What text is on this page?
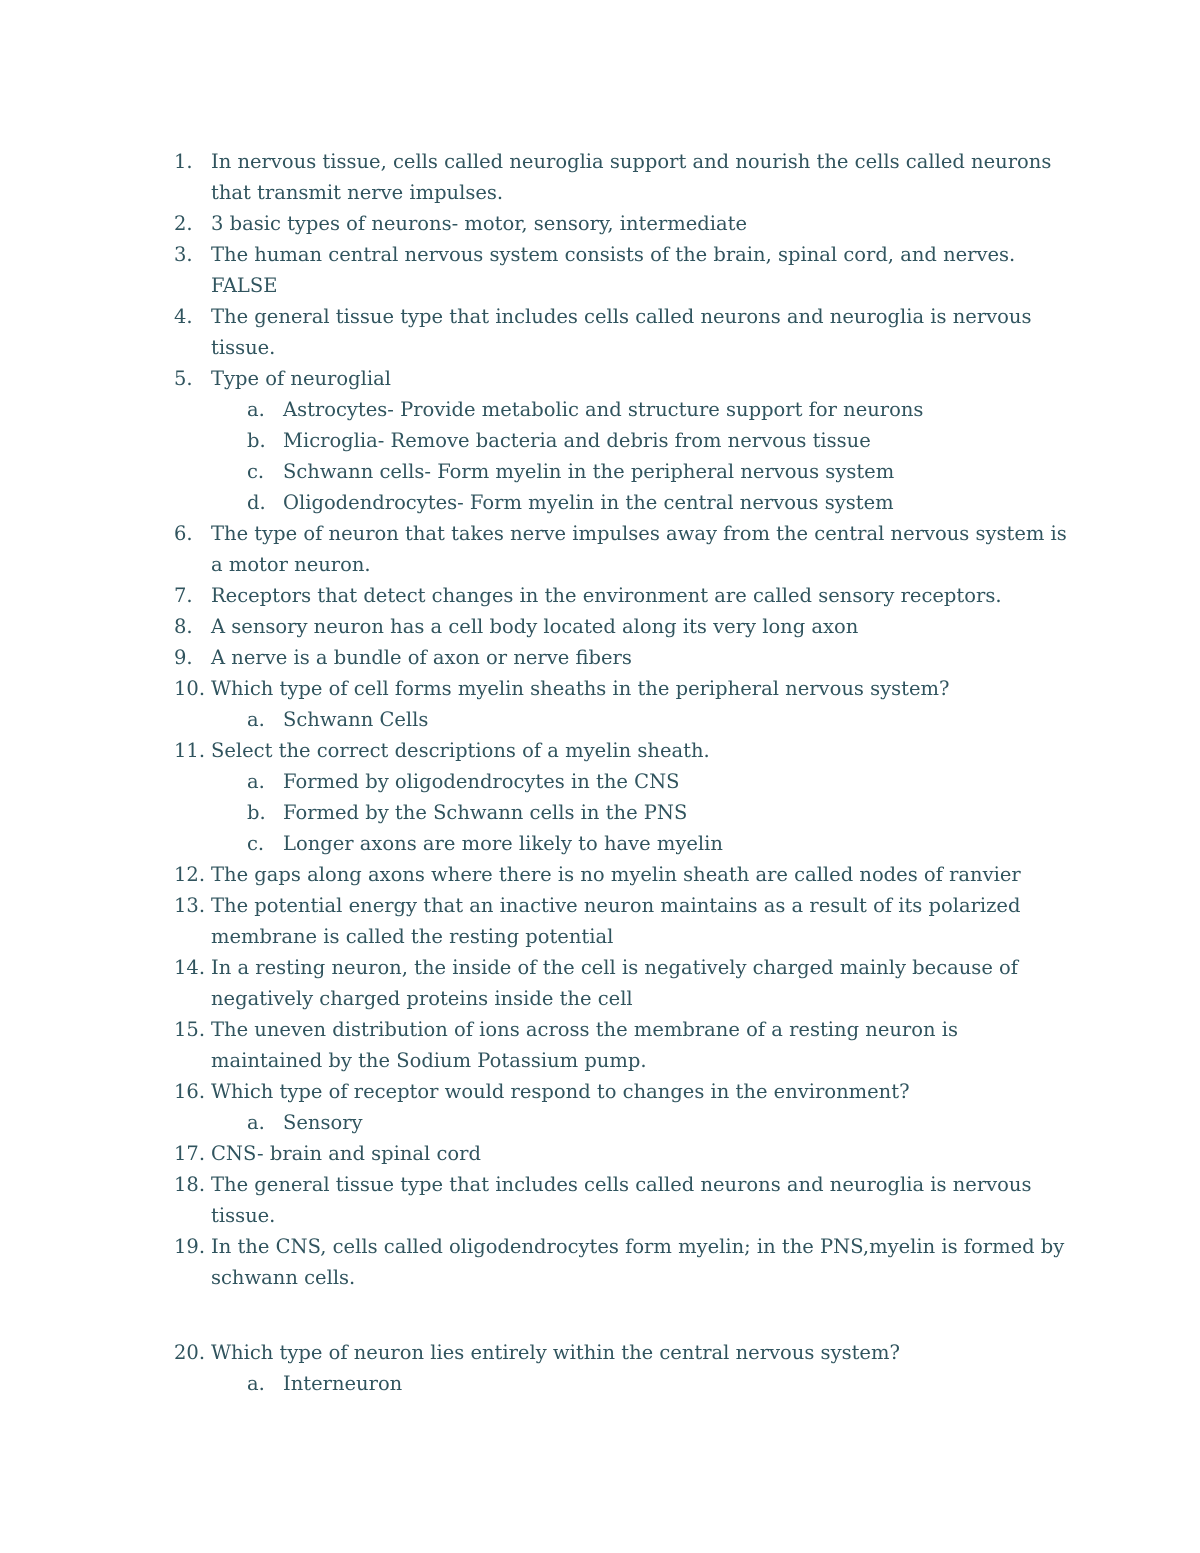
1. In nervous tissue, cells called neuroglia support and nourish the cells called neurons that transmit nerve impulses.
2. 3 basic types of neurons- motor, sensory, intermediate
3. The human central nervous system consists of the brain, spinal cord, and nerves. FALSE
4. The general tissue type that includes cells called neurons and neuroglia is nervous tissue.
5. Type of neuroglial
a. Astrocytes- Provide metabolic and structure support for neurons
b. Microglia- Remove bacteria and debris from nervous tissue
c. Schwann cells- Form myelin in the peripheral nervous system
d. Oligodendrocytes- Form myelin in the central nervous system
6. The type of neuron that takes nerve impulses away from the central nervous system is a motor neuron.
7. Receptors that detect changes in the environment are called sensory receptors.
8. A sensory neuron has a cell body located along its very long axon
9. A nerve is a bundle of axon or nerve fibers
10. Which type of cell forms myelin sheaths in the peripheral nervous system?
a. Schwann Cells
11. Select the correct descriptions of a myelin sheath.
a. Formed by oligodendrocytes in the CNS
b. Formed by the Schwann cells in the PNS
c. Longer axons are more likely to have myelin
12. The gaps along axons where there is no myelin sheath are called nodes of ranvier
13. The potential energy that an inactive neuron maintains as a result of its polarized membrane is called the resting potential
14. In a resting neuron, the inside of the cell is negatively charged mainly because of negatively charged proteins inside the cell
15. The uneven distribution of ions across the membrane of a resting neuron is maintained by the Sodium Potassium pump.
16. Which type of receptor would respond to changes in the environment?
a. Sensory
17. CNS- brain and spinal cord
18. The general tissue type that includes cells called neurons and neuroglia is nervous tissue.
19. In the CNS, cells called oligodendrocytes form myelin; in the PNS,myelin is formed by schwann cells.
20. Which type of neuron lies entirely within the central nervous system?
a. Interneuron
